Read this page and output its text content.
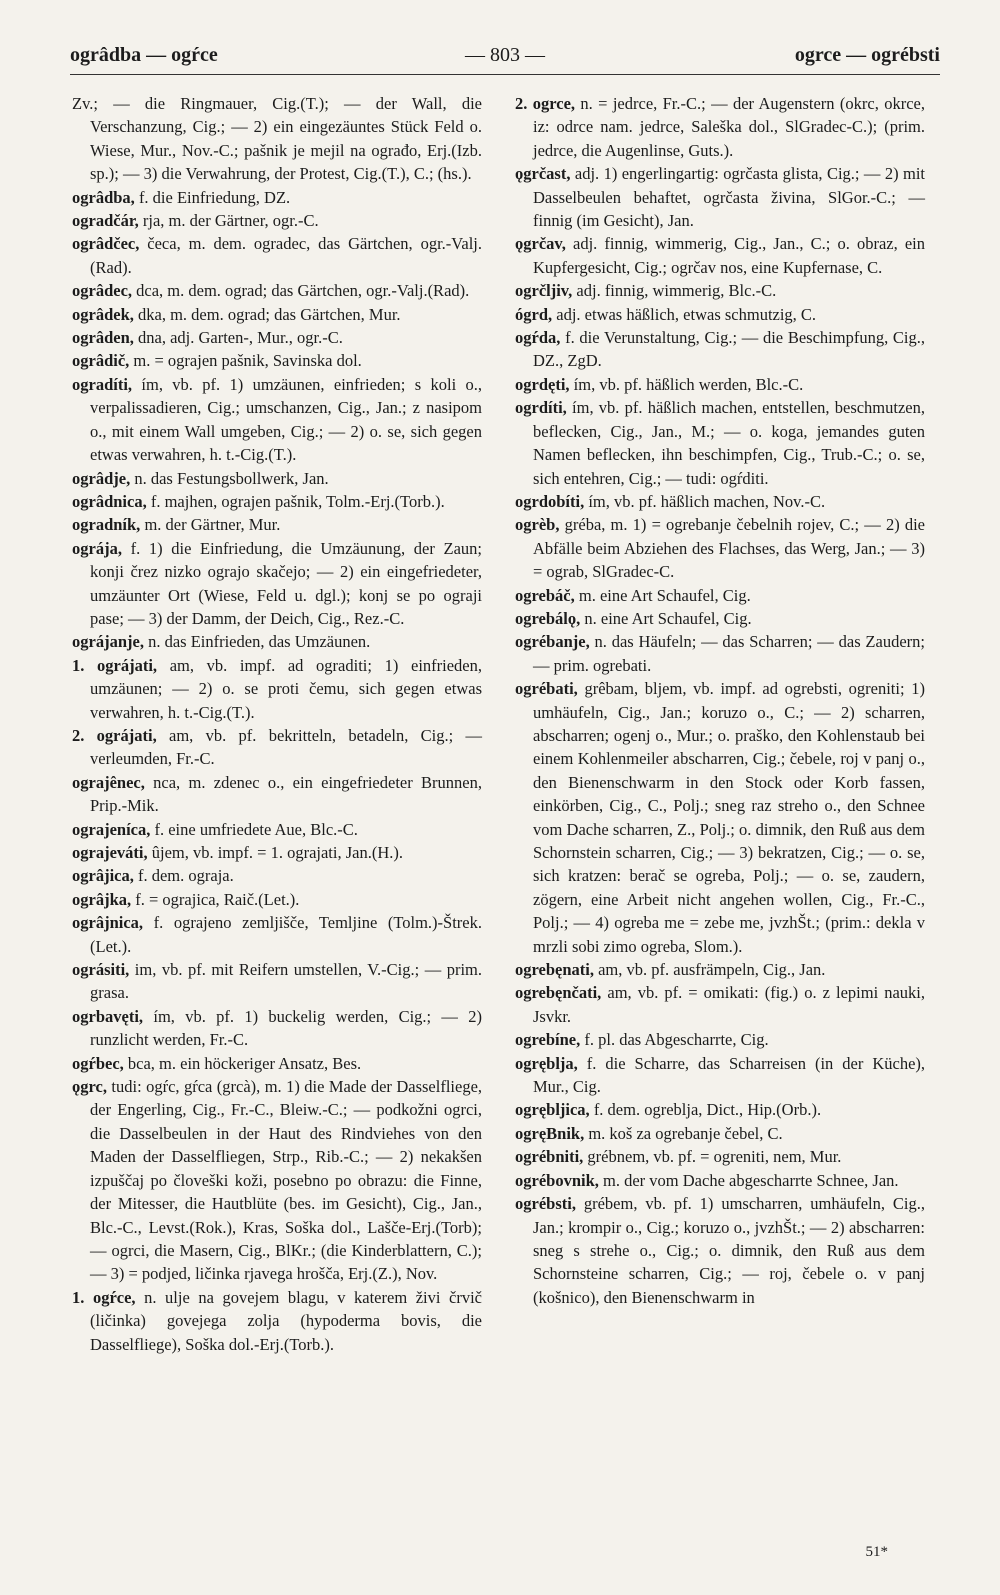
ogrâdba — ogŕce	— 803 —	ogrce — ogrébsti

Zv.; — die Ringmauer, Cig.(T.); — der Wall, die Verschanzung, Cig.; — 2) ein eingezäuntes Stück Feld o. Wiese, Mur., Nov.-C.; pašnik je mejil na ograđo, Erj.(Izb. sp.); — 3) die Verwahrung, der Protest, Cig.(T.), C.; (hs.).

ogrâdba, f. die Einfriedung, DZ.

ogradčár, rja, m. der Gärtner, ogr.-C.

ogrâdčec, čeca, m. dem. ogradec, das Gärtchen, ogr.-Valj.(Rad).

ogrâdec, dca, m. dem. ograd; das Gärtchen, ogr.-Valj.(Rad).

ogrâdek, dka, m. dem. ograd; das Gärtchen, Mur.

ogrâden, dna, adj. Garten-, Mur., ogr.-C.

ogrâdič, m. = ograjen pašnik, Savinska dol.

ogradíti, ím, vb. pf. 1) umzäunen, einfrieden; s koli o., verpalissadieren, Cig.; umschanzen, Cig., Jan.; z nasipom o., mit einem Wall umgeben, Cig.; — 2) o. se, sich gegen etwas verwahren, h. t.-Cig.(T.).

ogrâdje, n. das Festungsbollwerk, Jan.

ogrâdnica, f. majhen, ograjen pašnik, Tolm.-Erj.(Torb.).

ogradník, m. der Gärtner, Mur.

ográja, f. 1) die Einfriedung, die Umzäunung, der Zaun; konji črez nizko ograjo skačejo; — 2) ein eingefriedeter, umzäunter Ort (Wiese, Feld u. dgl.); konj se po ograji pase; — 3) der Damm, der Deich, Cig., Rez.-C.

ográjanje, n. das Einfrieden, das Umzäunen.

1. ográjati, am, vb. impf. ad ograditi; 1) einfrieden, umzäunen; — 2) o. se proti čemu, sich gegen etwas verwahren, h. t.-Cig.(T.).

2. ográjati, am, vb. pf. bekritteln, betadeln, Cig.; — verleumden, Fr.-C.

ograjênec, nca, m. zdenec o., ein eingefriedeter Brunnen, Prip.-Mik.

ograjeníca, f. eine umfriedete Aue, Blc.-C.

ograjeváti, ûjem, vb. impf. = 1. ograjati, Jan.(H.).

ogrâjica, f. dem. ograja.

ogrâjka, f. = ograjica, Raič.(Let.).

ogrâjnica, f. ograjeno zemljišče, Temljine (Tolm.)-Štrek.(Let.).

ográsiti, im, vb. pf. mit Reifern umstellen, V.-Cig.; — prim. grasa.

ogrbavęti, ím, vb. pf. 1) buckelig werden, Cig.; — 2) runzlicht werden, Fr.-C.

ogŕbec, bca, m. ein höckeriger Ansatz, Bes.

ǫgrc, tudi: ogŕc, gŕca (grcà), m. 1) die Made der Dasselfliege, der Engerling, Cig., Fr.-C., Bleiw.-C.; — podkožni ogrci, die Dasselbeulen in der Haut des Rindviehes von den Maden der Dasselfliegen, Strp., Rib.-C.; — 2) nekakšen izpuščaj po človeški koži, posebno po obrazu: die Finne, der Mitesser, die Hautblüte (bes. im Gesicht), Cig., Jan., Blc.-C., Levst.(Rok.), Kras, Soška dol., Lašče-Erj.(Torb); — ogrci, die Masern, Cig., BlKr.; (die Kinderblattern, C.); — 3) = podjed, ličinka rjavega hrošča, Erj.(Z.), Nov.

1. ogŕce, n. ulje na govejem blagu, v katerem živi črvič (ličinka) govejega zolja (hypoderma bovis, die Dasselfliege), Soška dol.-Erj.(Torb.).

2. ogrce, n. = jedrce, Fr.-C.; — der Augenstern (okrc, okrce, iz: odrce nam. jedrce, Saleška dol., SlGradec-C.); (prim. jedrce, die Augenlinse, Guts.).

ǫgrčast, adj. 1) engerlingartig: ogrčasta glista, Cig.; — 2) mit Dasselbeulen behaftet, ogrčasta živina, SlGor.-C.; — finnig (im Gesicht), Jan.

ǫgrčav, adj. finnig, wimmerig, Cig., Jan., C.; o. obraz, ein Kupfergesicht, Cig.; ogrčav nos, eine Kupfernase, C.

ogrčljiv, adj. finnig, wimmerig, Blc.-C.

ógrd, adj. etwas häßlich, etwas schmutzig, C.

ogŕda, f. die Verunstaltung, Cig.; — die Beschimpfung, Cig., DZ., ZgD.

ogrdęti, ím, vb. pf. häßlich werden, Blc.-C.

ogrdíti, ím, vb. pf. häßlich machen, entstellen, beschmutzen, beflecken, Cig., Jan., M.; — o. koga, jemandes guten Namen beflecken, ihn beschimpfen, Cig., Trub.-C.; o. se, sich entehren, Cig.; — tudi: ogŕditi.

ogrdobíti, ím, vb. pf. häßlich machen, Nov.-C.

ogrèb, gréba, m. 1) = ogrebanje čebelnih rojev, C.; — 2) die Abfälle beim Abziehen des Flachses, das Werg, Jan.; — 3) = ograb, SlGradec-C.

ogrebáč, m. eine Art Schaufel, Cig.

ogrebálǫ, n. eine Art Schaufel, Cig.

ogrébanje, n. das Häufeln; — das Scharren; — das Zaudern; — prim. ogrebati.

ogrébati, grêbam, bljem, vb. impf. ad ogrebsti, ogreniti; 1) umhäufeln, Cig., Jan.; koruzo o., C.; — 2) scharren, abscharren; ogenj o., Mur.; o. praško, den Kohlenstaub bei einem Kohlenmeiler abscharren, Cig.; čebele, roj v panj o., den Bienenschwarm in den Stock oder Korb fassen, einkörben, Cig., C., Polj.; sneg raz streho o., den Schnee vom Dache scharren, Z., Polj.; o. dimnik, den Ruß aus dem Schornstein scharren, Cig.; — 3) bekratzen, Cig.; — o. se, sich kratzen: berač se ogreba, Polj.; — o. se, zaudern, zögern, eine Arbeit nicht angehen wollen, Cig., Fr.-C., Polj.; — 4) ogreba me = zebe me, jvzhŠt.; (prim.: dekla v mrzli sobi zimo ogreba, Slom.).

ogrebęnati, am, vb. pf. ausfrämpeln, Cig., Jan.

ogrebęnčati, am, vb. pf. = omikati: (fig.) o. z lepimi nauki, Jsvkr.

ogrebíne, f. pl. das Abgescharrte, Cig.

ogręblja, f. die Scharre, das Scharreisen (in der Küche), Mur., Cig.

ogręblјica, f. dem. ogreblja, Dict., Hip.(Orb.).

ogręBnik, m. koš za ogrebanje čebel, C.

ogrébniti, grébnem, vb. pf. = ogreniti, nem, Mur.

ogrébovnik, m. der vom Dache abgescharrte Schnee, Jan.

ogrébsti, grébem, vb. pf. 1) umscharren, umhäufeln, Cig., Jan.; krompir o., Cig.; koruzo o., jvzhŠt.; — 2) abscharren: sneg s strehe o., Cig.; o. dimnik, den Ruß aus dem Schornsteine scharren, Cig.; — roj, čebele o. v panj (košnico), den Bienenschwarm in

51*
